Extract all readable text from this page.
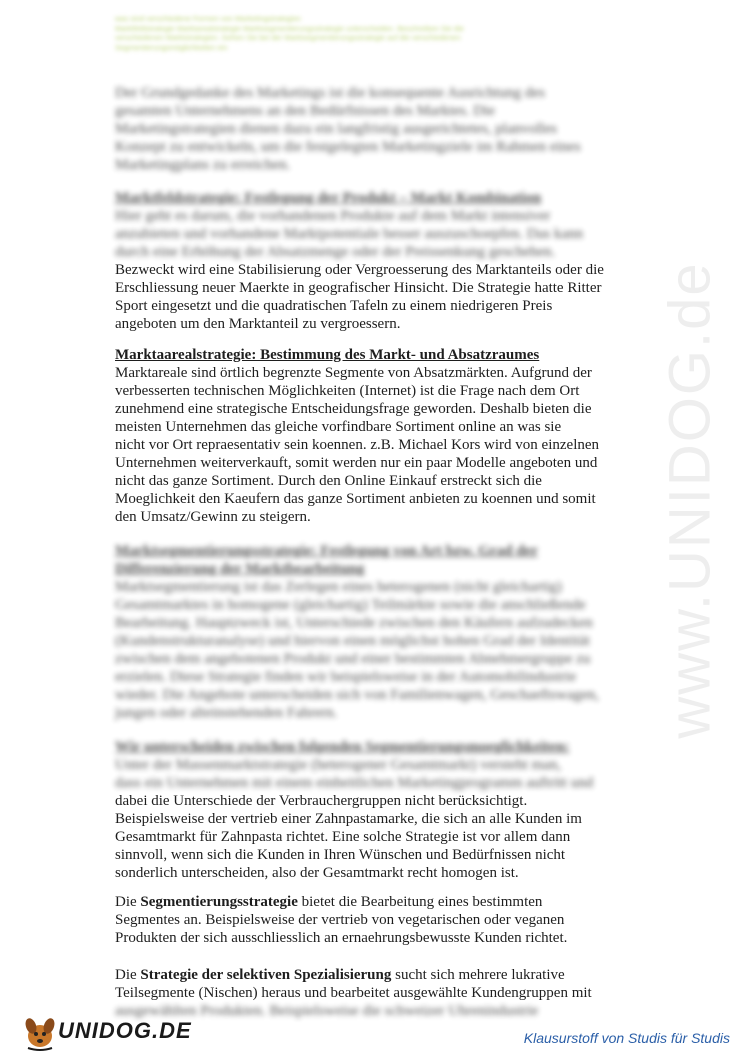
was sind verschiedene Formen von Marketingstrategien
Marktfeldstrategie Marktarealstrategie Marktsegmentierungsstrategie unterscheiden. Beschreiben Sie die
verschiedenen Marktstrategien. Gehen Sie bei der Marktsegmentierungsstrategie auf die verschiedenen
Segmentierungsmöglichkeiten ein
Der Grundgedanke des Marketings ist die konsequente Ausrichtung des
gesamten Unternehmens an den Bedürfnissen des Marktes. Die
Marketingstrategien dienen dazu ein langfristig ausgerichtetes, planvolles
Konzept zu entwickeln, um die festgelegten Marketingziele im Rahmen eines
Marketingplans zu erreichen.
Marktfeldstrategie: Festlegung der Produkt – Markt Kombination
Hier geht es darum, die vorhandenen Produkte auf dem Markt intensiver
anzubieten und vorhandene Marktpotentiale besser auszuschoepfen. Das kann
durch eine Erhöhung der Absatzmenge oder der Preissenkung geschehen.
Bezweckt wird eine Stabilisierung oder Vergroesserung des Marktanteils oder die
Erschliessung neuer Maerkte in geografischer Hinsicht. Die Strategie hatte Ritter
Sport eingesetzt und die quadratischen Tafeln zu einem niedrigeren Preis
angeboten um den Marktanteil zu vergroessern.
Marktaarealstrategie: Bestimmung des Markt- und Absatzraumes
Marktareale sind örtlich begrenzte Segmente von Absatzmärkten. Aufgrund der
verbesserten technischen Möglichkeiten (Internet) ist die Frage nach dem Ort
zunehmend eine strategische Entscheidungsfrage geworden. Deshalb bieten die
meisten Unternehmen das gleiche vorfindbare Sortiment online an was sie
nicht vor Ort repraesentativ sein koennen. z.B. Michael Kors wird von einzelnen
Unternehmen weiterverkauft, somit werden nur ein paar Modelle angeboten und
nicht das ganze Sortiment. Durch den Online Einkauf erstreckt sich die
Moeglichkeit den Kaeufern das ganze Sortiment anbieten zu koennen und somit
den Umsatz/Gewinn zu steigern.
Marktsegmentierungsstrategie: Festlegung von Art bzw. Grad der
Differenzierung der Marktbearbeitung
Marktsegmentierung ist das Zerlegen eines heterogenen (nicht gleichartig)
Gesamtmarktes in homogene (gleichartig) Teilmärkte sowie die anschließende
Bearbeitung. Hauptzweck ist, Unterschiede zwischen den Käufern aufzudecken
(Kundenstrukturanalyse) und hiervon einen möglichst hohen Grad der Identität
zwischen dem angebotenen Produkt und einer bestimmten Abnehmergruppe zu
erzielen. Diese Strategie finden wir beispielsweise in der Automobilindustrie
wieder. Die Angebote unterscheiden sich von Familienwagen, Geschaeftswagen,
jungen oder alteinstehenden Fahrern.
Wir unterscheiden zwischen folgenden Segmentierungsmoeglichkeiten:
Unter der Massenmarktstrategie (heterogener Gesamtmarkt) versteht man,
dass ein Unternehmen mit einem einheitlichen Marketingprogramm auftritt und
dabei die Unterschiede der Verbrauchergruppen nicht berücksichtigt.
Beispielsweise der vertrieb einer Zahnpastamarke, die sich an alle Kunden im
Gesamtmarkt für Zahnpasta richtet. Eine solche Strategie ist vor allem dann
sinnvoll, wenn sich die Kunden in Ihren Wünschen und Bedürfnissen nicht
sonderlich unterscheiden, also der Gesamtmarkt recht homogen ist.
Die Segmentierungsstrategie bietet die Bearbeitung eines bestimmten
Segmentes an. Beispielsweise der vertrieb von vegetarischen oder veganen
Produkten der sich ausschliesslich an ernaehrungsbewusste Kunden richtet.
Die Strategie der selektiven Spezialisierung sucht sich mehrere lukrative
Teilsegmente (Nischen) heraus und bearbeitet ausgewählte Kundengruppen mit
ausgewählten Produkten. Beispielsweise die schweizer Uhrenindustrie
www.UNIDOG.de
UNIDOG.DE	Klausurstoff von Studis für Studis
